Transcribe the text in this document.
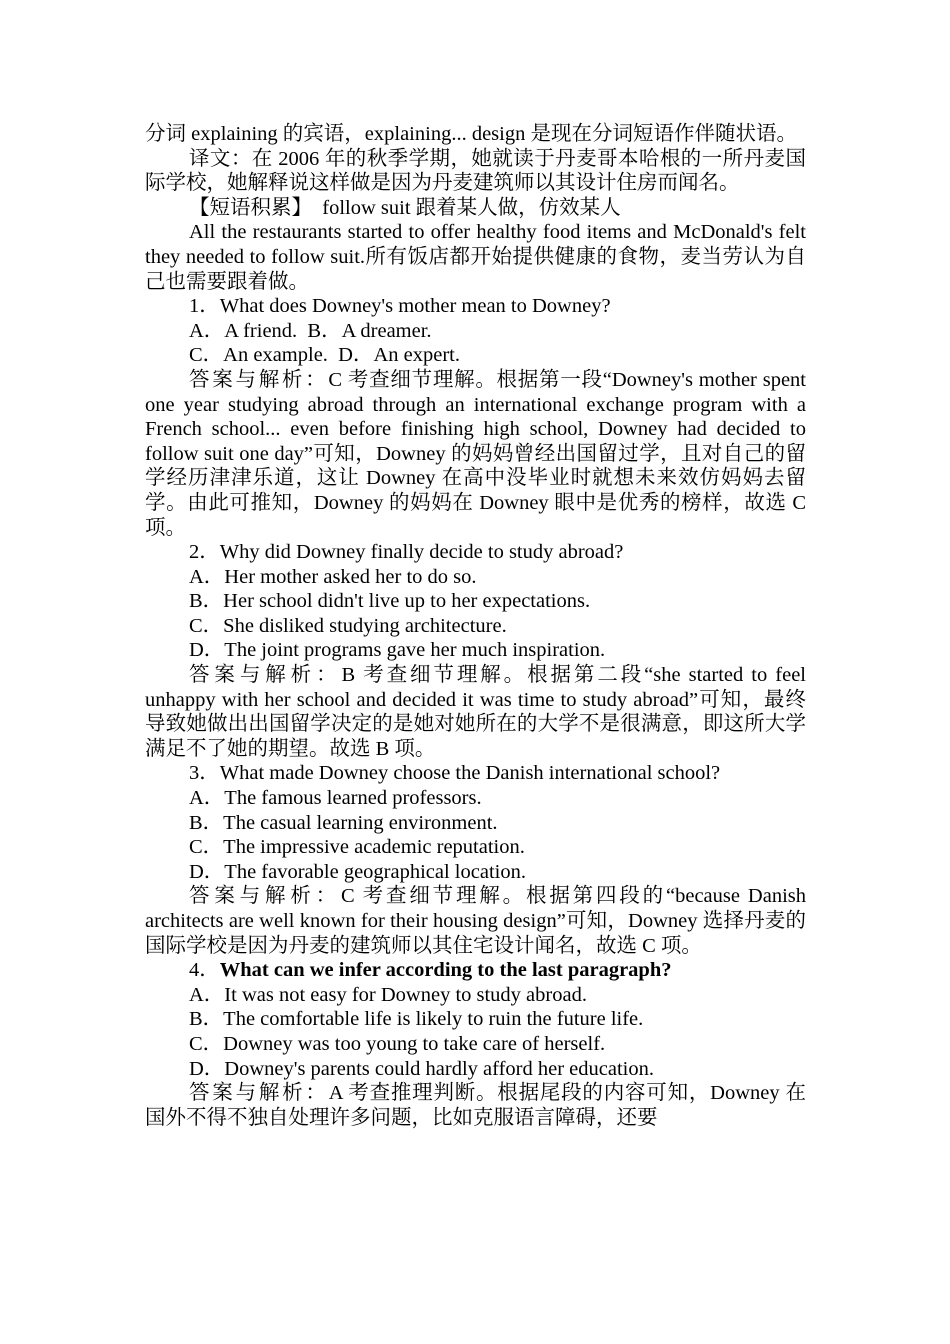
分词 explaining 的宾语，explaining... design 是现在分词短语作伴随状语。

译文：在 2006 年的秋季学期，她就读于丹麦哥本哈根的一所丹麦国际学校，她解释说这样做是因为丹麦建筑师以其设计住房而闻名。

【短语积累】  follow suit 跟着某人做，仿效某人

All the restaurants started to offer healthy food items and McDonald's felt they needed to follow suit.所有饭店都开始提供健康的食物，麦当劳认为自己也需要跟着做。

1．What does Downey's mother mean to Downey?

A．A friend.  B．A dreamer.

C．An example.  D．An expert.

答案与解析：C 考查细节理解。根据第一段“Downey's mother spent one year studying abroad through an international exchange program with a French school... even before finishing high school, Downey had decided to follow suit one day”可知，Downey 的妈妈曾经出国留过学，且对自己的留学经历津津乐道，这让 Downey 在高中没毕业时就想未来效仿妈妈去留学。由此可推知，Downey 的妈妈在 Downey 眼中是优秀的榜样，故选 C 项。

2．Why did Downey finally decide to study abroad?

A．Her mother asked her to do so.

B．Her school didn't live up to her expectations.

C．She disliked studying architecture.

D．The joint programs gave her much inspiration.

答案与解析：B 考查细节理解。根据第二段“she started to feel unhappy with her school and decided it was time to study abroad”可知，最终导致她做出出国留学决定的是她对她所在的大学不是很满意，即这所大学满足不了她的期望。故选 B 项。

3．What made Downey choose the Danish international school?

A．The famous learned professors.

B．The casual learning environment.

C．The impressive academic reputation.

D．The favorable geographical location.

答案与解析：C 考查细节理解。根据第四段的“because Danish architects are well known for their housing design”可知，Downey 选择丹麦的国际学校是因为丹麦的建筑师以其住宅设计闻名，故选 C 项。

4．What can we infer according to the last paragraph?

A．It was not easy for Downey to study abroad.

B．The comfortable life is likely to ruin the future life.

C．Downey was too young to take care of herself.

D．Downey's parents could hardly afford her education.

答案与解析：A 考查推理判断。根据尾段的内容可知，Downey 在国外不得不独自处理许多问题，比如克服语言障碍，还要
